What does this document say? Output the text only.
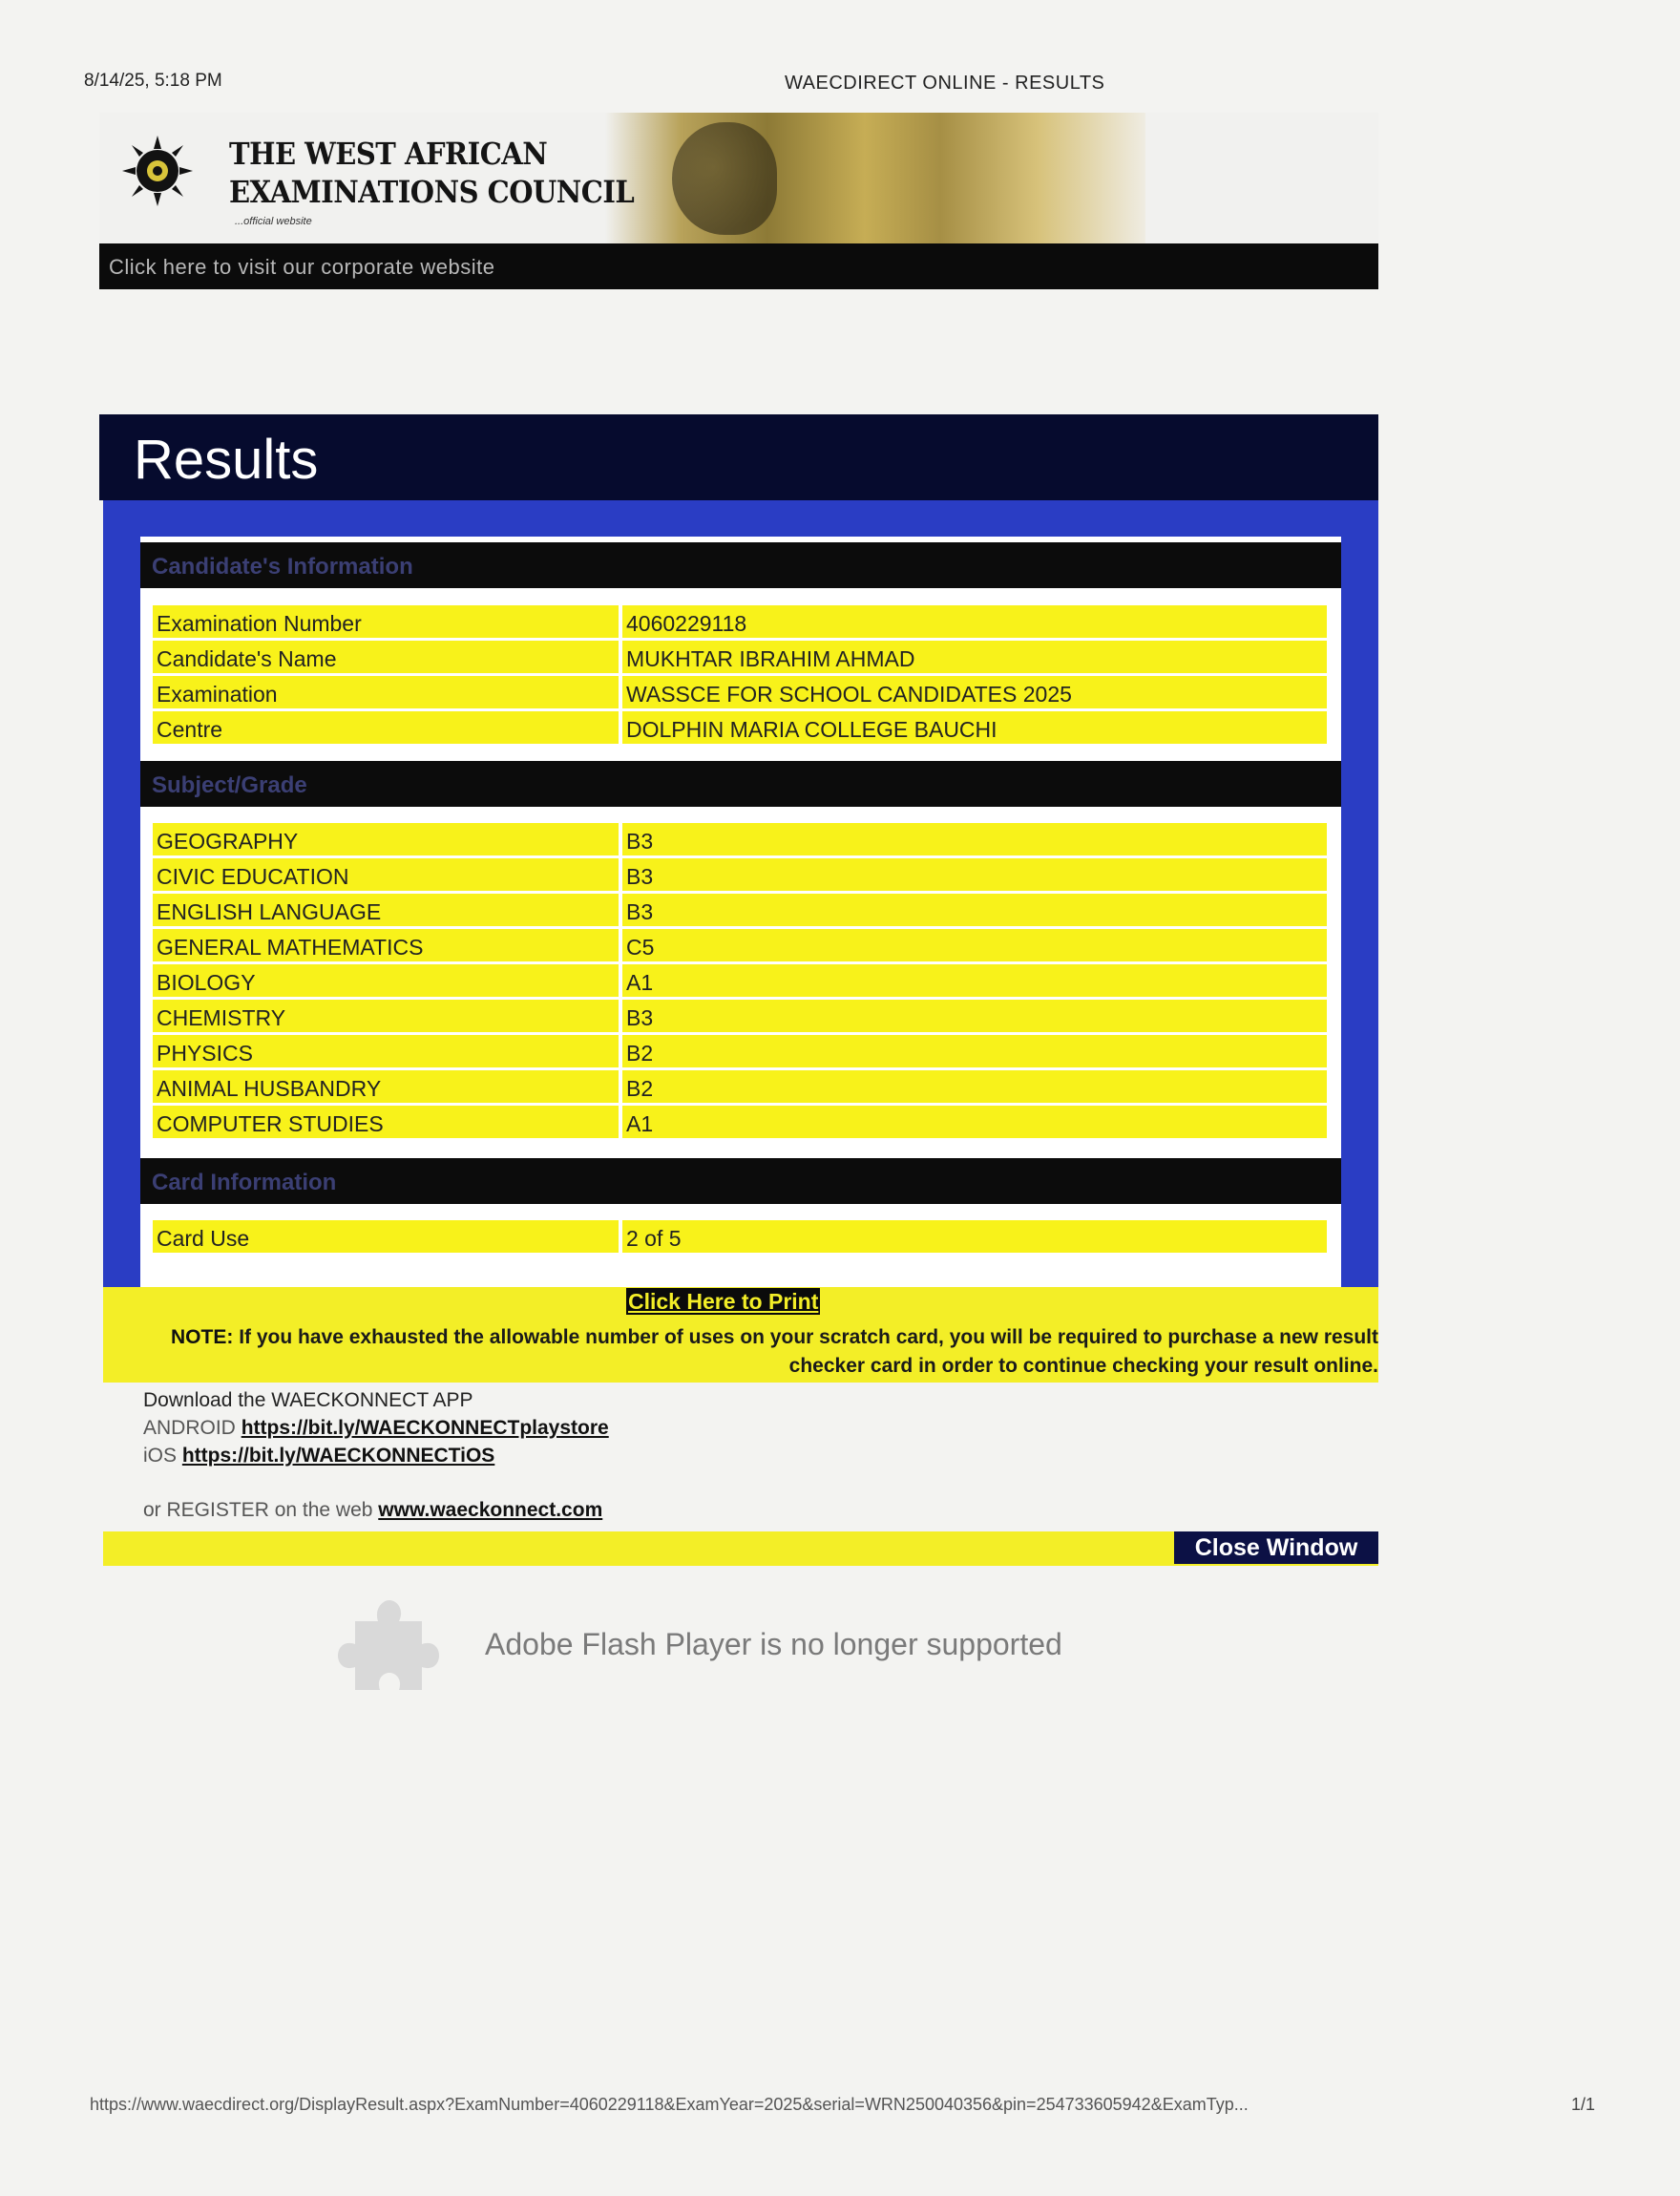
8/14/25, 5:18 PM	WAECDIRECT ONLINE - RESULTS
THE WEST AFRICAN
EXAMINATIONS COUNCIL
...official website
Click here to visit our corporate website
Results
Candidate's Information
Examination Number	4060229118
Candidate's Name	MUKHTAR IBRAHIM AHMAD
Examination	WASSCE FOR SCHOOL CANDIDATES 2025
Centre	DOLPHIN MARIA COLLEGE BAUCHI
Subject/Grade
GEOGRAPHY	B3
CIVIC EDUCATION	B3
ENGLISH LANGUAGE	B3
GENERAL MATHEMATICS	C5
BIOLOGY	A1
CHEMISTRY	B3
PHYSICS	B2
ANIMAL HUSBANDRY	B2
COMPUTER STUDIES	A1
Card Information
Card Use	2 of 5
Click Here to Print
NOTE: If you have exhausted the allowable number of uses on your scratch card, you will be required to purchase a new result checker card in order to continue checking your result online.
Download the WAECKONNECT APP
ANDROID https://bit.ly/WAECKONNECTplaystore
iOS https://bit.ly/WAECKONNECTiOS
or REGISTER on the web www.waeckonnect.com
Close Window
Adobe Flash Player is no longer supported
https://www.waecdirect.org/DisplayResult.aspx?ExamNumber=4060229118&ExamYear=2025&serial=WRN250040356&pin=254733605942&ExamTyp...	1/1
